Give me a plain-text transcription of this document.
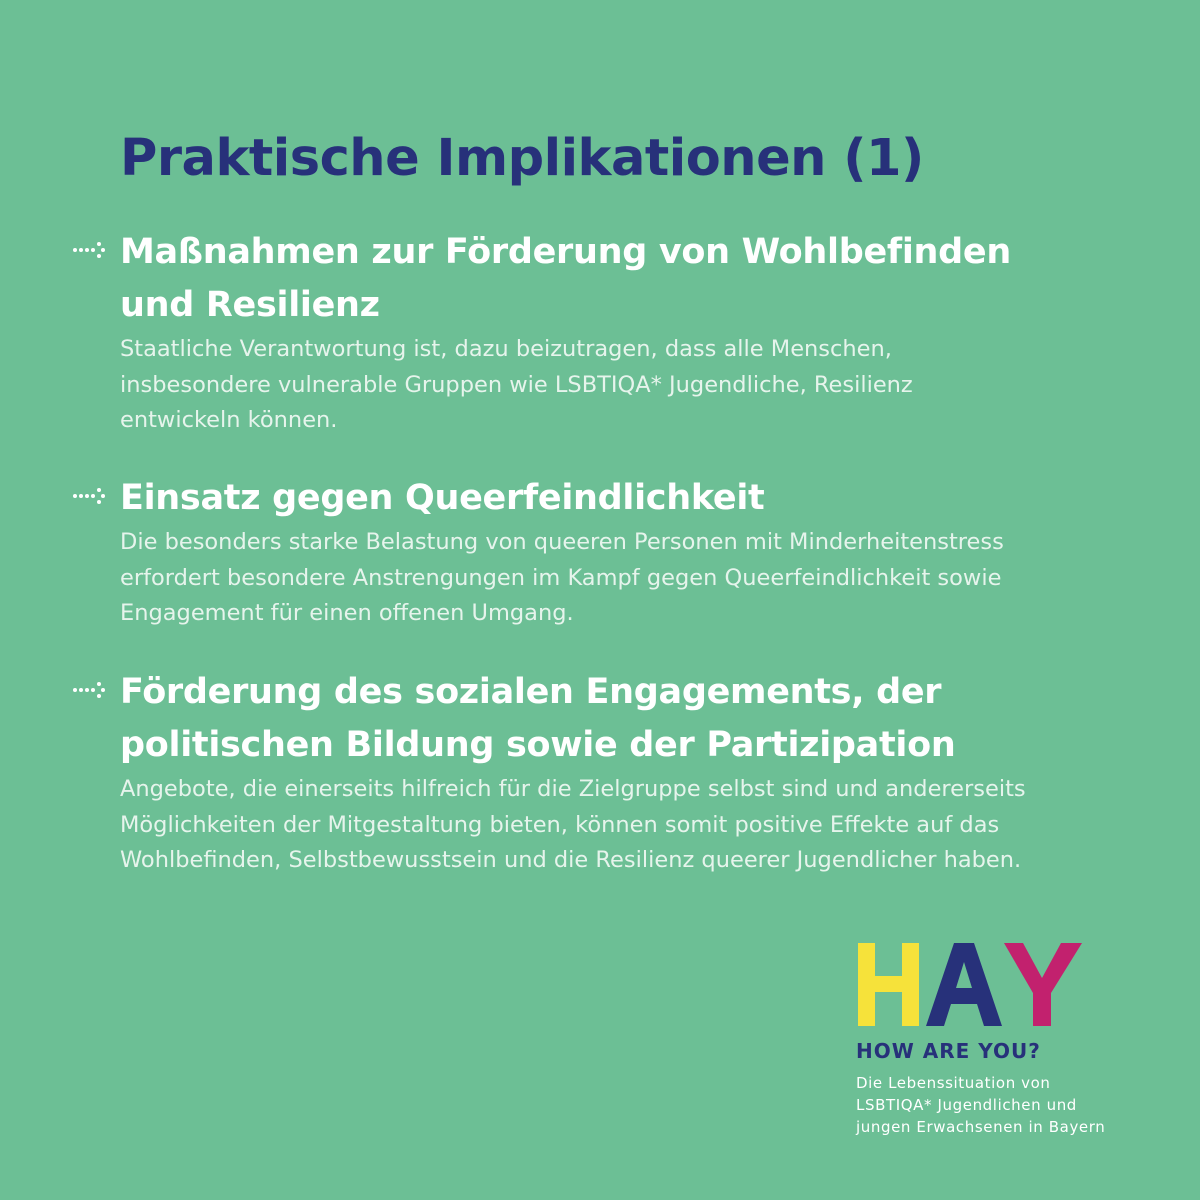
Praktische Implikationen (1)
Maßnahmen zur Förderung von Wohlbefinden
und Resilienz

Staatliche Verantwortung ist, dazu beizutragen, dass alle Menschen,
insbesondere vulnerable Gruppen wie LSBTIQA* Jugendliche, Resilienz
entwickeln können.

Einsatz gegen Queerfeindlichkeit

Die besonders starke Belastung von queeren Personen mit Minderheitenstress
erfordert besondere Anstrengungen im Kampf gegen Queerfeindlichkeit sowie
Engagement für einen offenen Umgang.

Förderung des sozialen Engagements, der
politischen Bildung sowie der Partizipation

Angebote, die einerseits hilfreich für die Zielgruppe selbst sind und andererseits
Möglichkeiten der Mitgestaltung bieten, können somit positive Effekte auf das
Wohlbefinden, Selbstbewusstsein und die Resilienz queerer Jugendlicher haben.

HOW ARE YOU?
Die Lebenssituation von
LSBTIQA* Jugendlichen und
jungen Erwachsenen in Bayern
